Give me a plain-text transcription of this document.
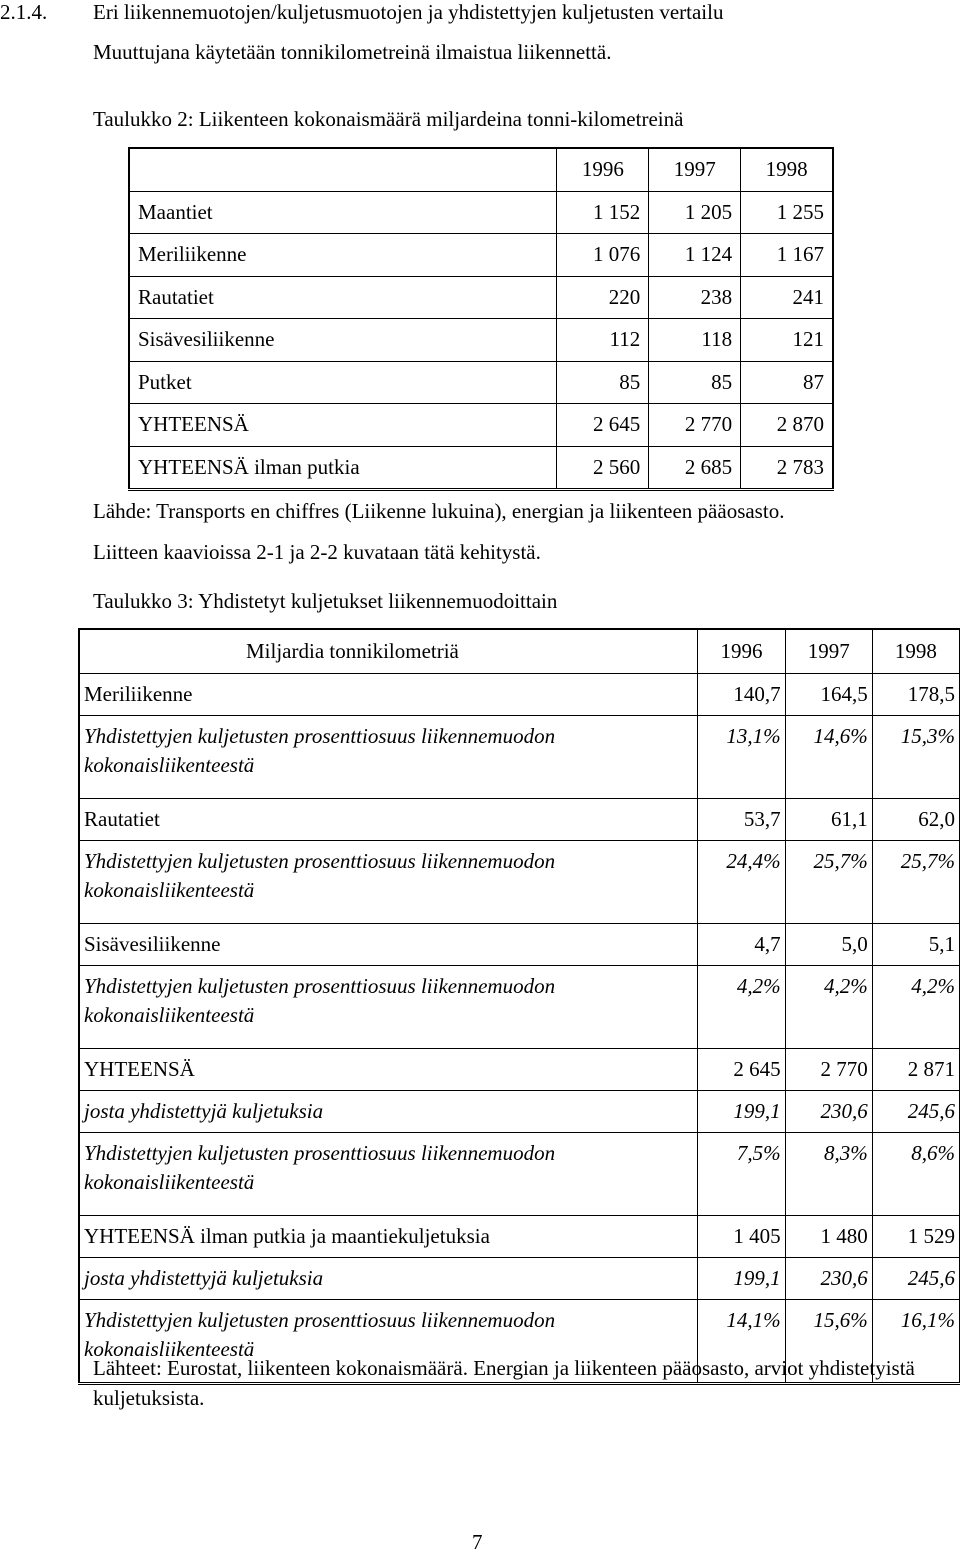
2.1.4. Eri liikennemuotojen/kuljetusmuotojen ja yhdistettyjen kuljetusten vertailu
Muuttujana käytetään tonnikilometreinä ilmaistua liikennettä.
Taulukko 2: Liikenteen kokonaismäärä miljardeina tonni-kilometreinä
	1996	1997	1998
Maantiet	1 152	1 205	1 255
Meriliikenne	1 076	1 124	1 167
Rautatiet	220	238	241
Sisävesiliikenne	112	118	121
Putket	85	85	87
YHTEENSÄ	2 645	2 770	2 870
YHTEENSÄ ilman putkia	2 560	2 685	2 783
Lähde: Transports en chiffres (Liikenne lukuina), energian ja liikenteen pääosasto.
Liitteen kaavioissa 2-1 ja 2-2 kuvataan tätä kehitystä.
Taulukko 3: Yhdistetyt kuljetukset liikennemuodoittain
Miljardia tonnikilometriä	1996	1997	1998
Meriliikenne	140,7	164,5	178,5
Yhdistettyjen kuljetusten prosenttiosuus liikennemuodon kokonaisliikenteestä	13,1%	14,6%	15,3%
Rautatiet	53,7	61,1	62,0
Yhdistettyjen kuljetusten prosenttiosuus liikennemuodon kokonaisliikenteestä	24,4%	25,7%	25,7%
Sisävesiliikenne	4,7	5,0	5,1
Yhdistettyjen kuljetusten prosenttiosuus liikennemuodon kokonaisliikenteestä	4,2%	4,2%	4,2%
YHTEENSÄ	2 645	2 770	2 871
josta yhdistettyjä kuljetuksia	199,1	230,6	245,6
Yhdistettyjen kuljetusten prosenttiosuus liikennemuodon kokonaisliikenteestä	7,5%	8,3%	8,6%
YHTEENSÄ ilman putkia ja maantiekuljetuksia	1 405	1 480	1 529
josta yhdistettyjä kuljetuksia	199,1	230,6	245,6
Yhdistettyjen kuljetusten prosenttiosuus liikennemuodon kokonaisliikenteestä	14,1%	15,6%	16,1%
Lähteet: Eurostat, liikenteen kokonaismäärä. Energian ja liikenteen pääosasto, arviot yhdistetyistä kuljetuksista.
7
